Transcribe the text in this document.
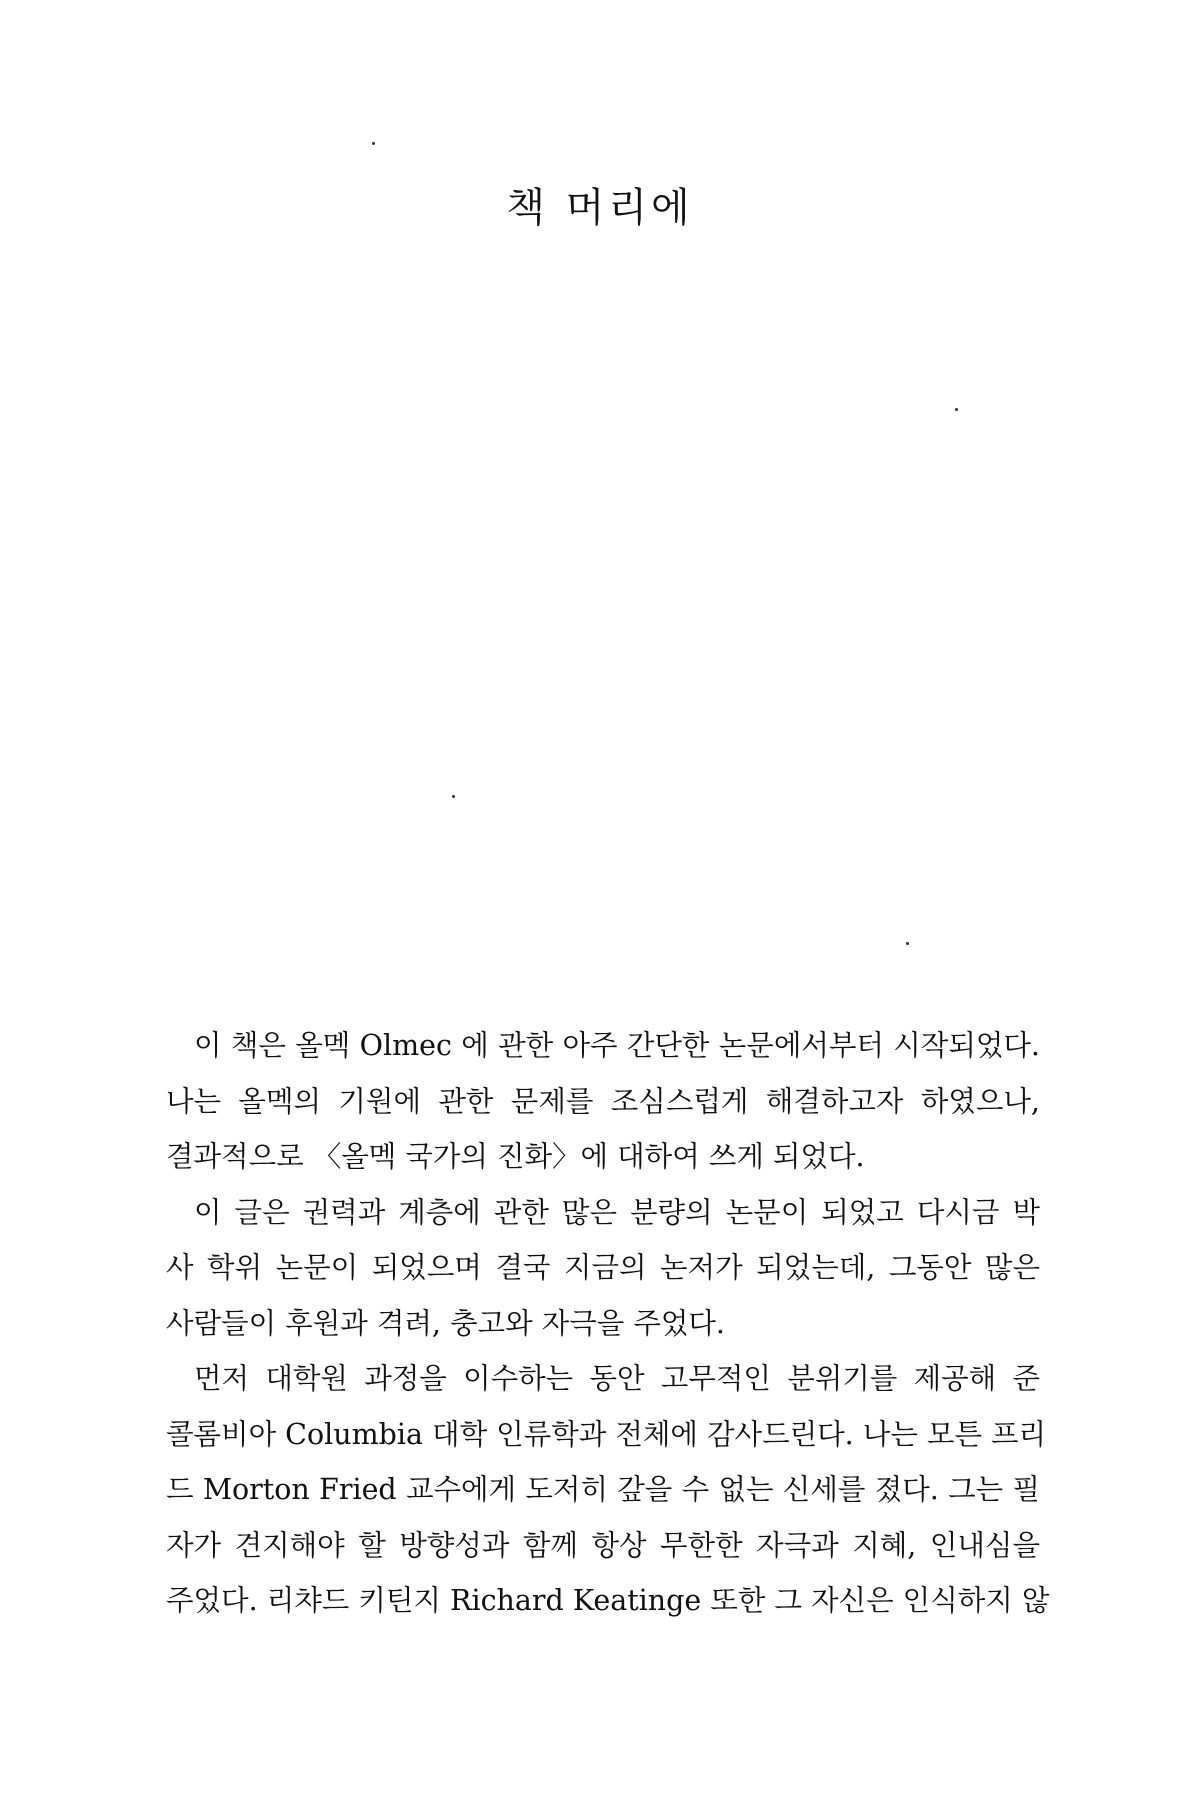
책 머리에
이 책은 올멕 Olmec 에 관한 아주 간단한 논문에서부터 시작되었다.
나는 올멕의 기원에 관한 문제를 조심스럽게 해결하고자 하였으나,
결과적으로 〈올멕 국가의 진화〉에 대하여 쓰게 되었다.
이 글은 권력과 계층에 관한 많은 분량의 논문이 되었고 다시금 박
사 학위 논문이 되었으며 결국 지금의 논저가 되었는데, 그동안 많은
사람들이 후원과 격려, 충고와 자극을 주었다.
먼저 대학원 과정을 이수하는 동안 고무적인 분위기를 제공해 준
콜롬비아 Columbia 대학 인류학과 전체에 감사드린다. 나는 모튼 프리
드 Morton Fried 교수에게 도저히 갚을 수 없는 신세를 졌다. 그는 필
자가 견지해야 할 방향성과 함께 항상 무한한 자극과 지혜, 인내심을
주었다. 리챠드 키틴지 Richard Keatinge 또한 그 자신은 인식하지 않
